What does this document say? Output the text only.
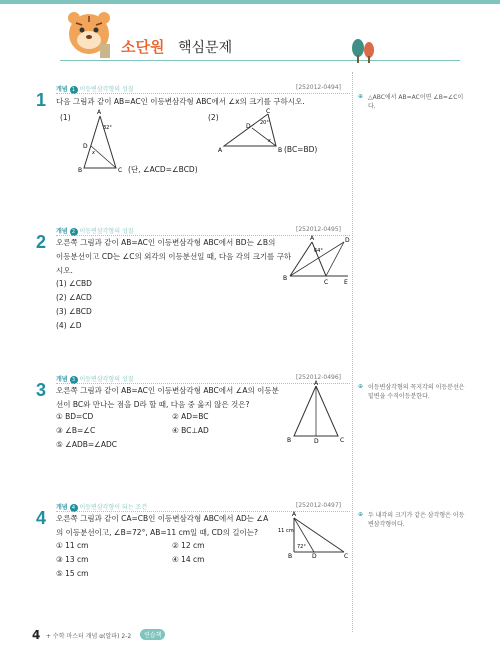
소단원 핵심문제
개념 1 이등변삼각형의 성질	[252012-0494]
1 다음 그림과 같이 AB=AC인 이등변삼각형 ABC에서 ∠x의 크기를 구하시오.
(1)	(2)
A
B	C
D
32°
x
C
A	B
D 20°
x
(BC=BD)
(단, ∠ACD=∠BCD)
⊕ △ABC에서 AB=AC이면 ∠B=∠C이다.
개념 2 이등변삼각형의 성질	[252012-0495]
2 오른쪽 그림과 같이 AB=AC인 이등변삼각형 ABC에서 BD는 ∠B의
이등분선이고 CD는 ∠C의 외각의 이등분선일 때, 다음 각의 크기를 구하
시오.
(1) ∠CBD
(2) ∠ACD
(3) ∠BCD
(4) ∠D
A
B
C
D
E
64°
개념 3 이등변삼각형의 성질	[252012-0496]
3 오른쪽 그림과 같이 AB=AC인 이등변삼각형 ABC에서 ∠A의 이등분
선이 BC와 만나는 점을 D라 할 때, 다음 중 옳지 않은 것은?
① BD=CD	② AD=BC
③ ∠B=∠C	④ BC⊥AD
⑤ ∠ADB=∠ADC
A
B	C
D
⊕ 이등변삼각형의 꼭지각의 이등분선은 밑변을 수직이등분한다.
개념 4 이등변삼각형이 되는 조건	[252012-0497]
4 오른쪽 그림과 같이 CA=CB인 이등변삼각형 ABC에서 AD는 ∠A
의 이등분선이고, ∠B=72°, AB=11 cm일 때, CD의 길이는?
① 11 cm	② 12 cm
③ 13 cm	④ 14 cm
⑤ 15 cm
A
B	C
D
72°
11 cm
⊕ 두 내각의 크기가 같은 삼각형은 이등변삼각형이다.
4 + 수학 마스터 개념 α(알파) 2-2	연습책
